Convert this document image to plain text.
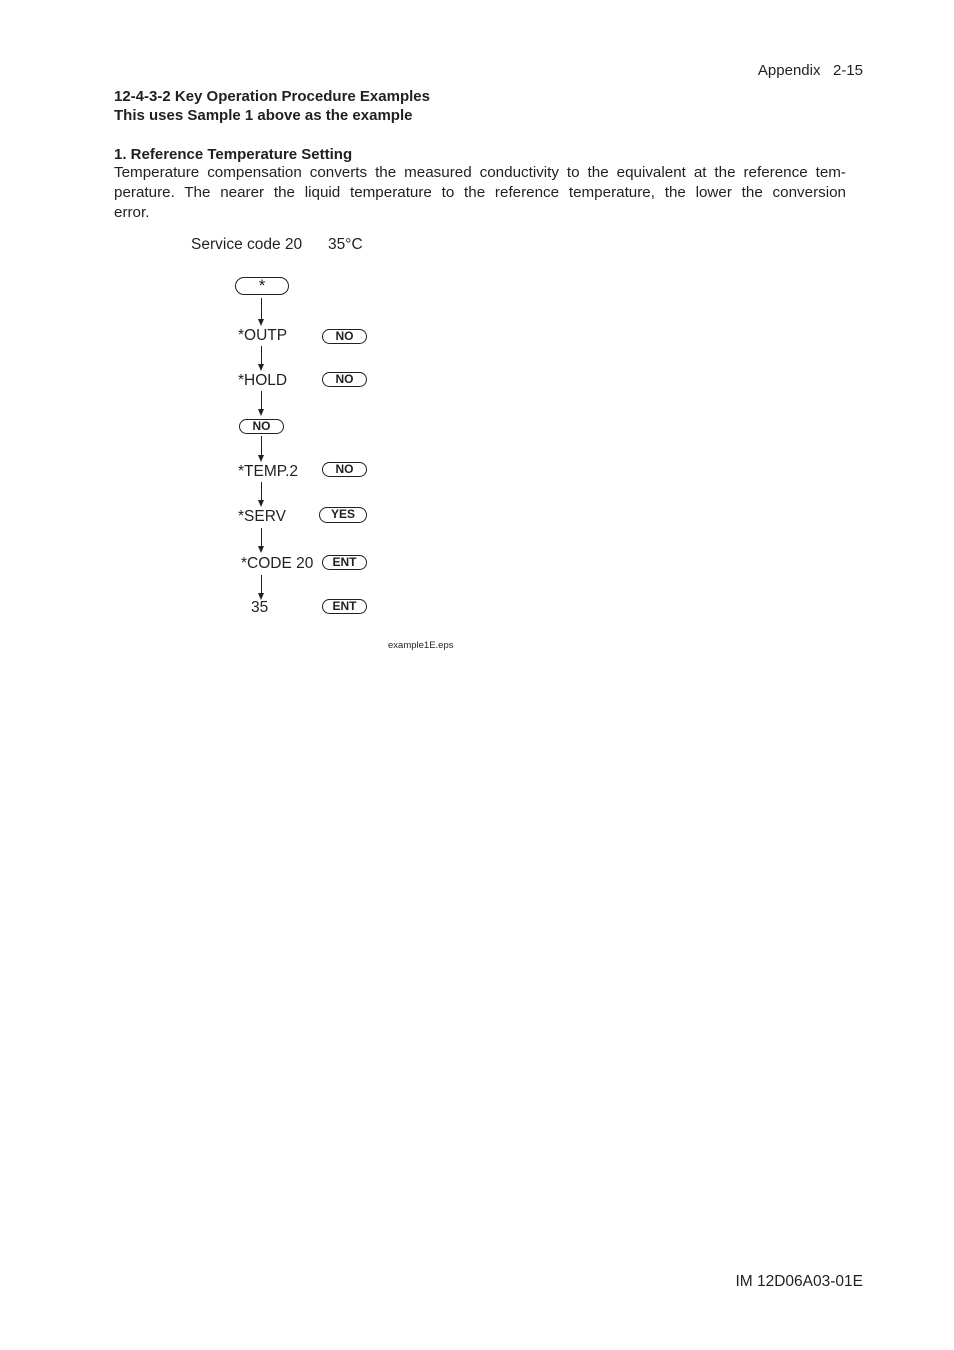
Appendix   2-15
12-4-3-2 Key Operation Procedure Examples
This uses Sample 1 above as the example
1. Reference Temperature Setting
Temperature compensation converts the measured conductivity to the equivalent at the reference tem-
perature. The nearer the liquid temperature to the reference temperature, the lower the conversion
error.
Service code 20 35°C
*
*OUTP	NO
*HOLD	NO
NO
*TEMP.2	NO
*SERV	YES
*CODE 20	ENT
35	ENT
example1E.eps
IM 12D06A03-01E
